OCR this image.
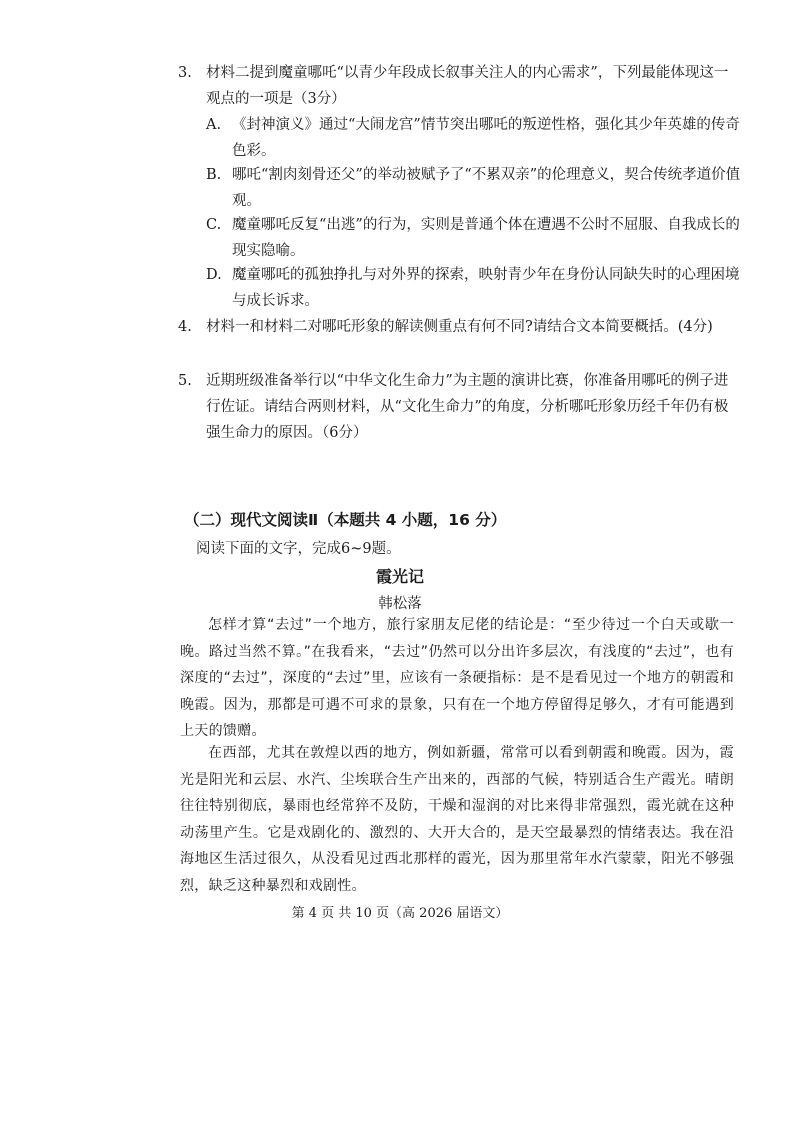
3. 材料二提到魔童哪吒“以青少年段成长叙事关注人的内心需求”，下列最能体现这一观点的一项是（3分）
A. 《封神演义》通过“大闹龙宫”情节突出哪吒的叛逆性格，强化其少年英雄的传奇色彩。
B. 哪吒“割肉刻骨还父”的举动被赋予了“不累双亲”的伦理意义，契合传统孝道价值观。
C. 魔童哪吒反复“出逃”的行为，实则是普通个体在遭遇不公时不屈服、自我成长的现实隐喻。
D. 魔童哪吒的孤独挣扎与对外界的探索，映射青少年在身份认同缺失时的心理困境与成长诉求。
4. 材料一和材料二对哪吒形象的解读侧重点有何不同?请结合文本简要概括。(4分)
5. 近期班级准备举行以“中华文化生命力”为主题的演讲比赛，你准备用哪吒的例子进行佐证。请结合两则材料，从“文化生命力”的角度，分析哪吒形象历经千年仍有极强生命力的原因。（6分）
（二）现代文阅读Ⅱ（本题共 4 小题，16 分）
阅读下面的文字，完成6~9题。
霞光记
韩松落
怎样才算“去过”一个地方，旅行家朋友尼佬的结论是：“至少待过一个白天或歇一晚。路过当然不算。”在我看来，“去过”仍然可以分出许多层次，有浅度的“去过”，也有深度的“去过”，深度的“去过”里，应该有一条硬指标：是不是看见过一个地方的朝霞和晚霞。因为，那都是可遇不可求的景象，只有在一个地方停留得足够久，才有可能遇到上天的馈赠。
在西部，尤其在敦煌以西的地方，例如新疆，常常可以看到朝霞和晚霞。因为，霞光是阳光和云层、水汽、尘埃联合生产出来的，西部的气候，特别适合生产霞光。晴朗往往特别彻底，暴雨也经常猝不及防，干燥和湿润的对比来得非常强烈，霞光就在这种动荡里产生。它是戏剧化的、激烈的、大开大合的，是天空最暴烈的情绪表达。我在沿海地区生活过很久，从没看见过西北那样的霞光，因为那里常年水汽蒙蒙，阳光不够强烈，缺乏这种暴烈和戏剧性。
第 4 页 共 10 页（高 2026 届语文）
